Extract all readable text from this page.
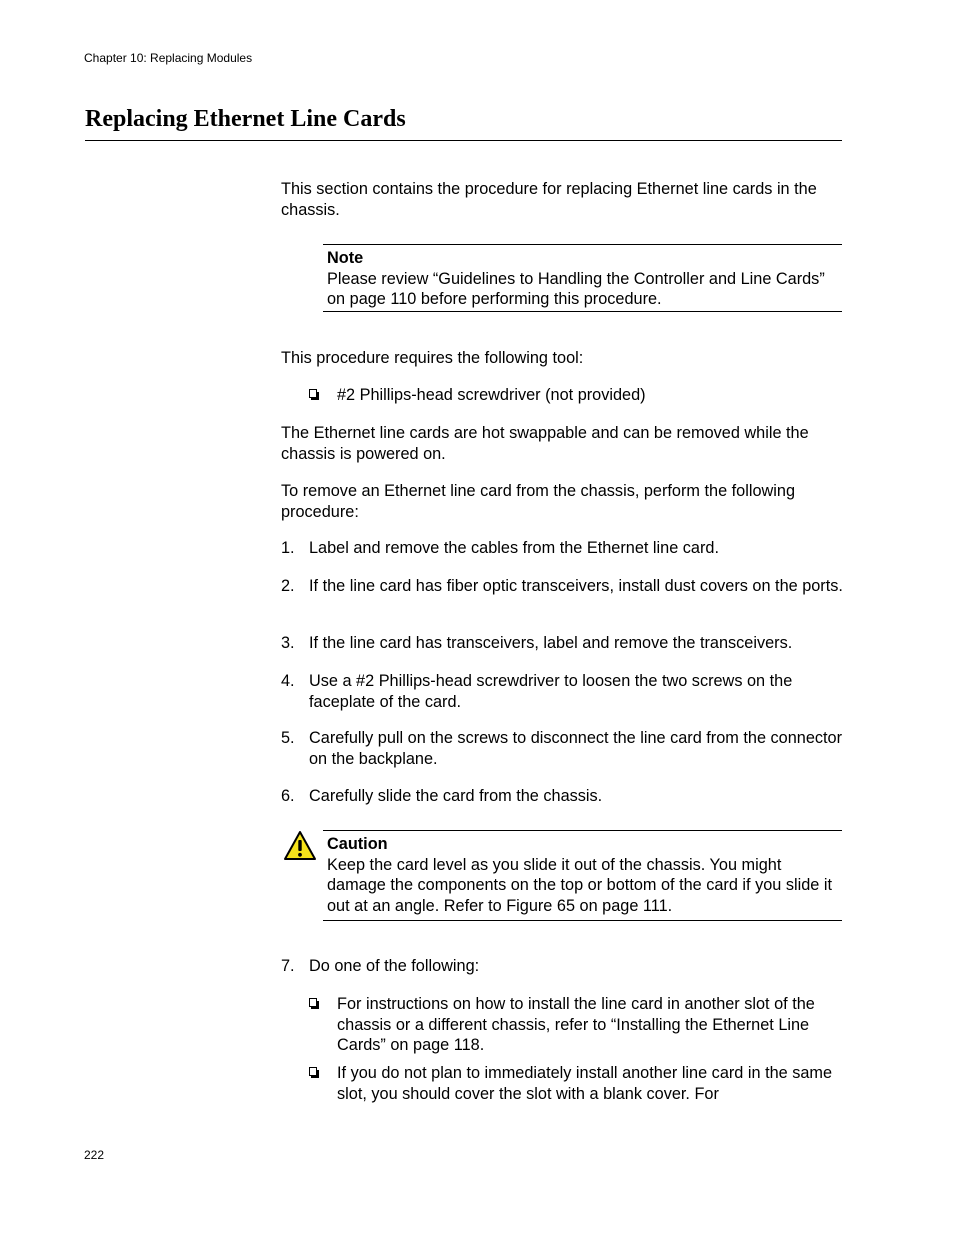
Chapter 10: Replacing Modules
Replacing Ethernet Line Cards
This section contains the procedure for replacing Ethernet line cards in the chassis.
Note
Please review “Guidelines to Handling the Controller and Line Cards” on page 110 before performing this procedure.
This procedure requires the following tool:
#2 Phillips-head screwdriver (not provided)
The Ethernet line cards are hot swappable and can be removed while the chassis is powered on.
To remove an Ethernet line card from the chassis, perform the following procedure:
1. Label and remove the cables from the Ethernet line card.
2. If the line card has fiber optic transceivers, install dust covers on the ports.
3. If the line card has transceivers, label and remove the transceivers.
4. Use a #2 Phillips-head screwdriver to loosen the two screws on the faceplate of the card.
5. Carefully pull on the screws to disconnect the line card from the connector on the backplane.
6. Carefully slide the card from the chassis.
Caution
Keep the card level as you slide it out of the chassis. You might damage the components on the top or bottom of the card if you slide it out at an angle. Refer to Figure 65 on page 111.
7. Do one of the following:
For instructions on how to install the line card in another slot of the chassis or a different chassis, refer to “Installing the Ethernet Line Cards” on page 118.
If you do not plan to immediately install another line card in the same slot, you should cover the slot with a blank cover. For
222
